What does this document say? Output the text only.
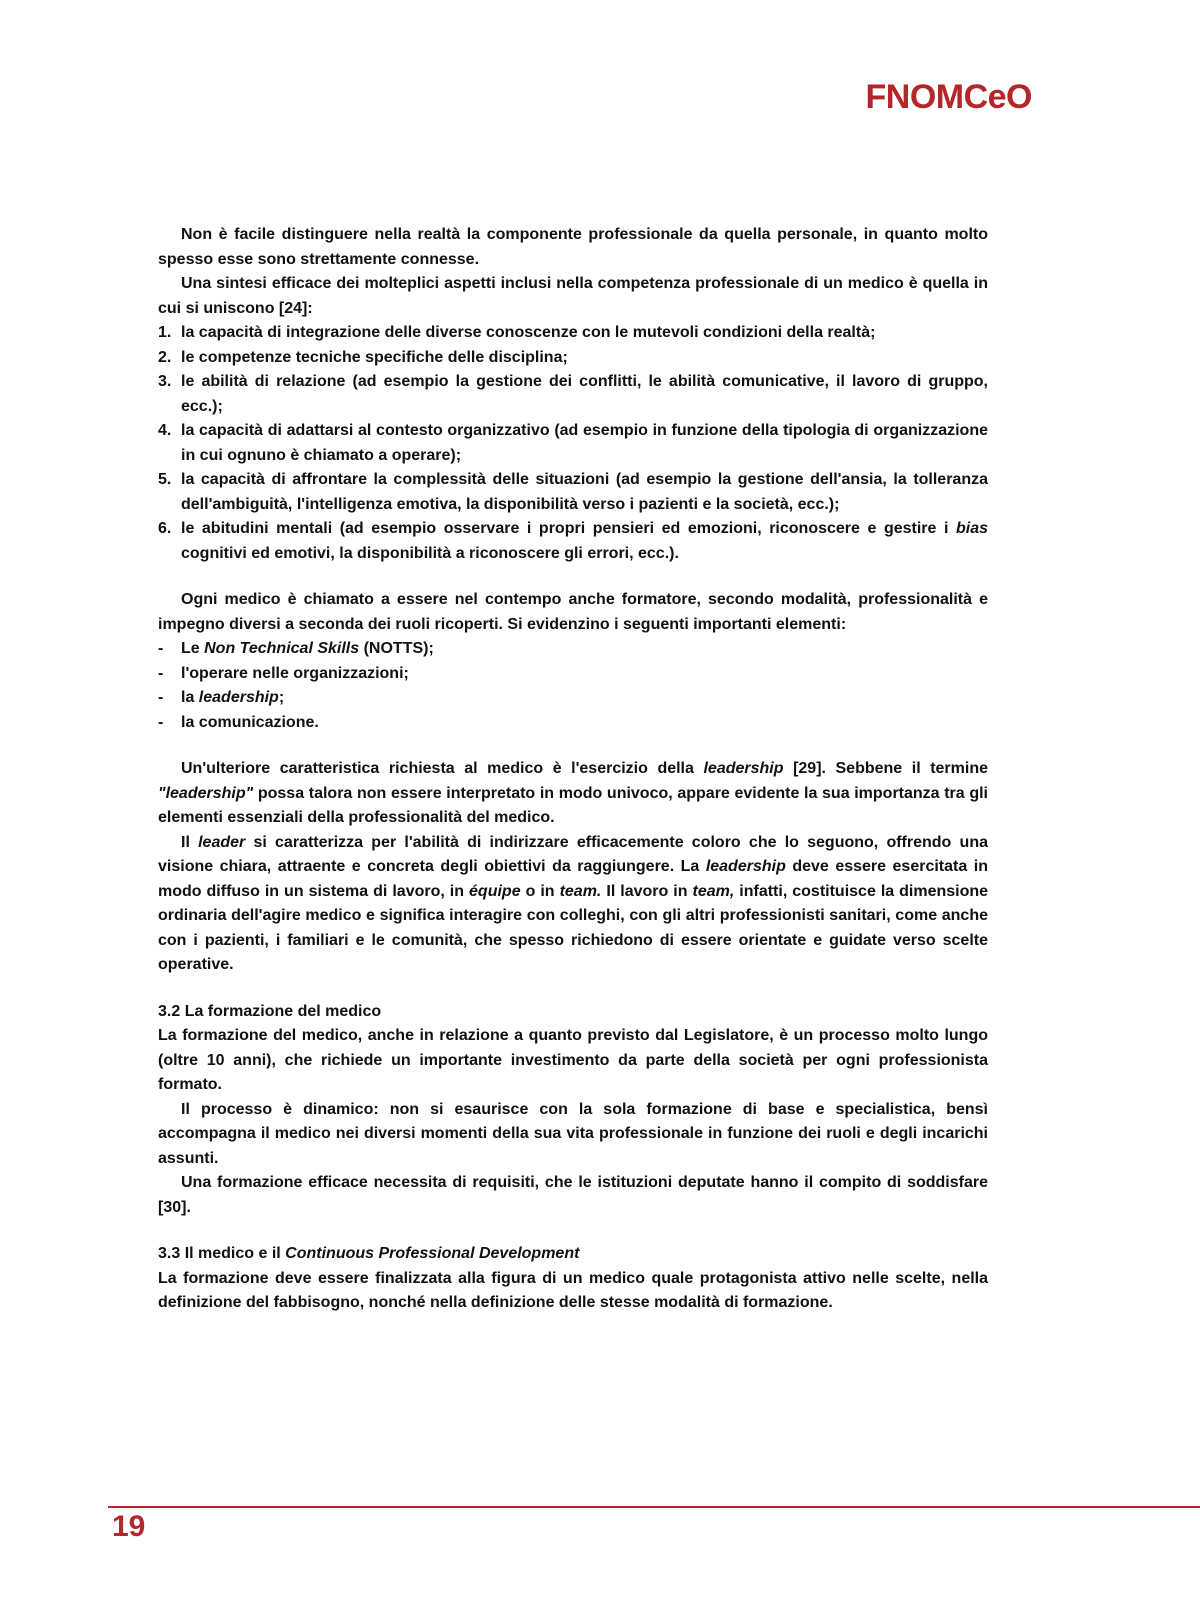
FNOMCeO

Non è facile distinguere nella realtà la componente professionale da quella personale, in quanto molto spesso esse sono strettamente connesse.

Una sintesi efficace dei molteplici aspetti inclusi nella competenza professionale di un medico è quella in cui si uniscono [24]:

1. la capacità di integrazione delle diverse conoscenze con le mutevoli condizioni della realtà;
2. le competenze tecniche specifiche delle disciplina;
3. le abilità di relazione (ad esempio la gestione dei conflitti, le abilità comunicative, il lavoro di gruppo, ecc.);
4. la capacità di adattarsi al contesto organizzativo (ad esempio in funzione della tipologia di organizzazione in cui ognuno è chiamato a operare);
5. la capacità di affrontare la complessità delle situazioni (ad esempio la gestione dell'ansia, la tolleranza dell'ambiguità, l'intelligenza emotiva, la disponibilità verso i pazienti e la società, ecc.);
6. le abitudini mentali (ad esempio osservare i propri pensieri ed emozioni, riconoscere e gestire i bias cognitivi ed emotivi, la disponibilità a riconoscere gli errori, ecc.).

Ogni medico è chiamato a essere nel contempo anche formatore, secondo modalità, professionalità e impegno diversi a seconda dei ruoli ricoperti. Si evidenzino i seguenti importanti elementi:

- Le Non Technical Skills (NOTTS);
- l'operare nelle organizzazioni;
- la leadership;
- la comunicazione.

Un'ulteriore caratteristica richiesta al medico è l'esercizio della leadership [29]. Sebbene il termine "leadership" possa talora non essere interpretato in modo univoco, appare evidente la sua importanza tra gli elementi essenziali della professionalità del medico.

Il leader si caratterizza per l'abilità di indirizzare efficacemente coloro che lo seguono, offrendo una visione chiara, attraente e concreta degli obiettivi da raggiungere. La leadership deve essere esercitata in modo diffuso in un sistema di lavoro, in équipe o in team. Il lavoro in team, infatti, costituisce la dimensione ordinaria dell'agire medico e significa interagire con colleghi, con gli altri professionisti sanitari, come anche con i pazienti, i familiari e le comunità, che spesso richiedono di essere orientate e guidate verso scelte operative.

3.2 La formazione del medico

La formazione del medico, anche in relazione a quanto previsto dal Legislatore, è un processo molto lungo (oltre 10 anni), che richiede un importante investimento da parte della società per ogni professionista formato.

Il processo è dinamico: non si esaurisce con la sola formazione di base e specialistica, bensì accompagna il medico nei diversi momenti della sua vita professionale in funzione dei ruoli e degli incarichi assunti.

Una formazione efficace necessita di requisiti, che le istituzioni deputate hanno il compito di soddisfare [30].

3.3 Il medico e il Continuous Professional Development

La formazione deve essere finalizzata alla figura di un medico quale protagonista attivo nelle scelte, nella definizione del fabbisogno, nonché nella definizione delle stesse modalità di formazione.

19
